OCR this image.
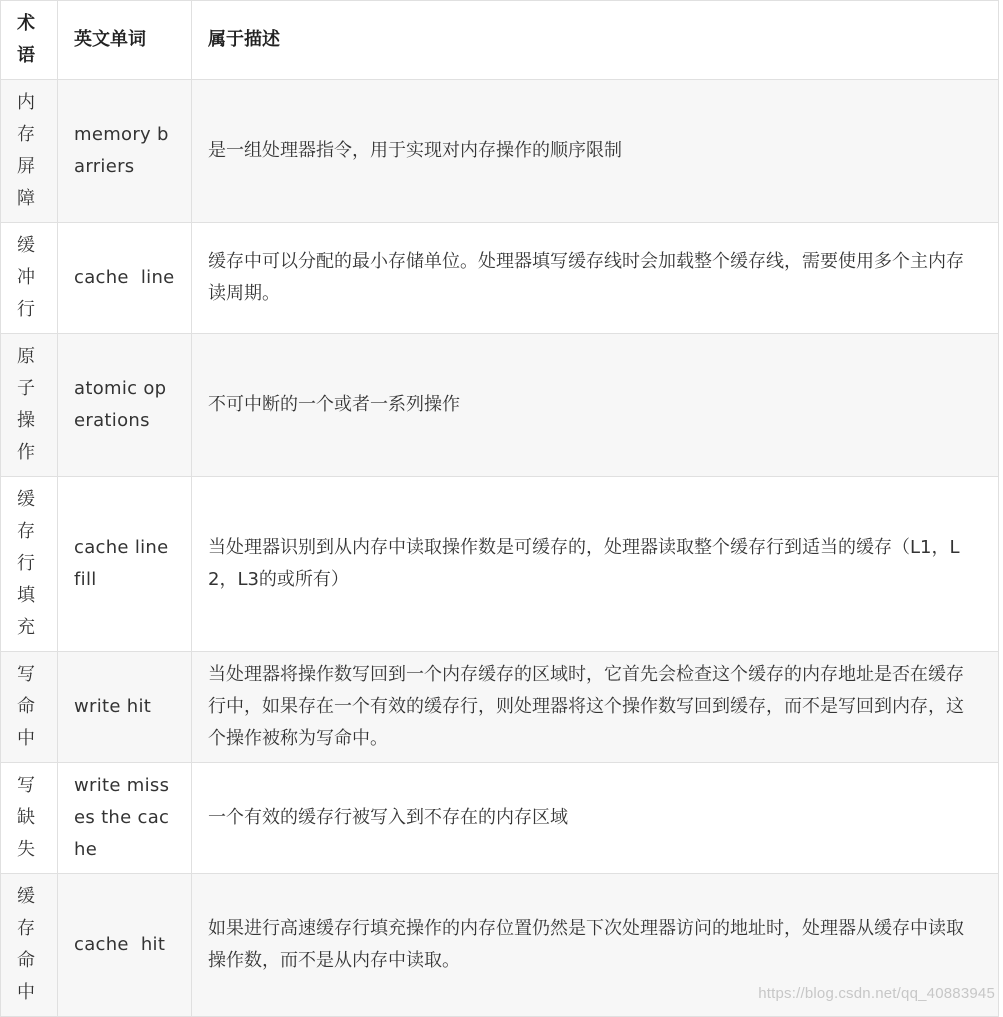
术语	英文单词	属于描述
内存屏障	memory barriers	是一组处理器指令，用于实现对内存操作的顺序限制
缓冲行	cache  line	缓存中可以分配的最小存储单位。处理器填写缓存线时会加载整个缓存线，需要使用多个主内存读周期。
原子操作	atomic operations	不可中断的一个或者一系列操作
缓存行填充	cache line fill	当处理器识别到从内存中读取操作数是可缓存的，处理器读取整个缓存行到适当的缓存（L1，L2，L3的或所有）
写命中	write hit	当处理器将操作数写回到一个内存缓存的区域时，它首先会检查这个缓存的内存地址是否在缓存行中，如果存在一个有效的缓存行，则处理器将这个操作数写回到缓存，而不是写回到内存，这个操作被称为写命中。
写缺失	write misses the cache	一个有效的缓存行被写入到不存在的内存区域
缓存命中	cache  hit	如果进行高速缓存行填充操作的内存位置仍然是下次处理器访问的地址时，处理器从缓存中读取操作数，而不是从内存中读取。
https://blog.csdn.net/qq_40883945
